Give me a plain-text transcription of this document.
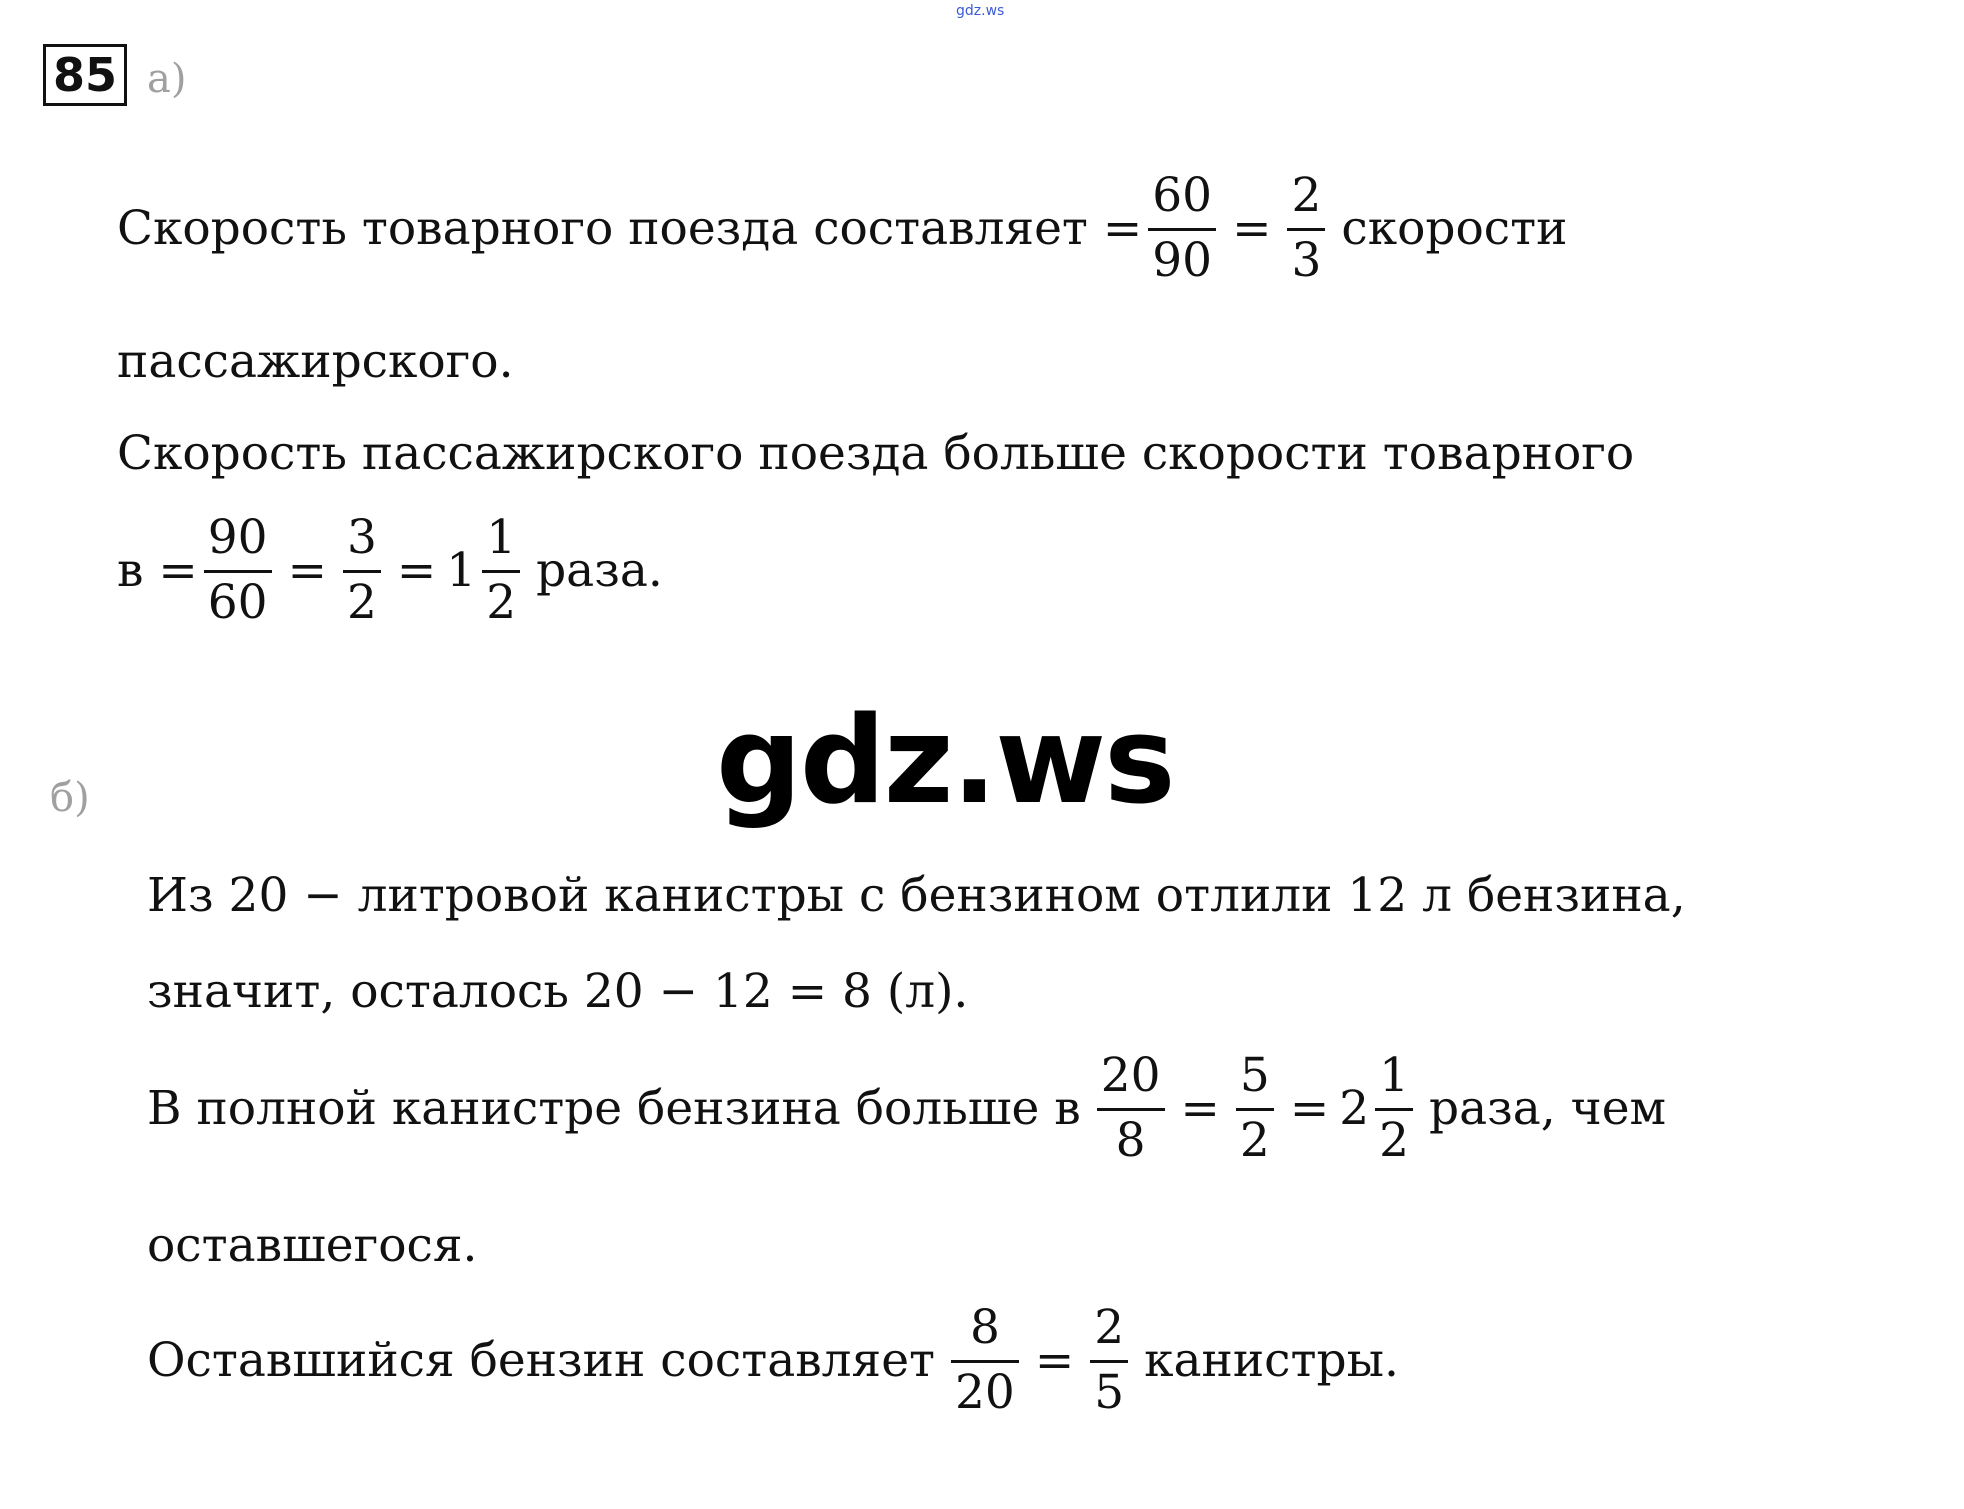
gdz.ws
85 а)
Скорость товарного поезда составляет = $\frac{60}{90} = \frac{2}{3}$ скорости
пассажирского.
Скорость пассажирского поезда больше скорости товарного
$в = \frac{90}{60} = \frac{3}{2} = 1 \frac{1}{2}$ раза.
gdz.ws
б)
Из 20 − литровой канистры с бензином отлили 12 л бензина,
значит, осталось 20 − 12 = 8 (л).
В полной канистре бензина больше в $\frac{20}{8} = \frac{5}{2} = 2 \frac{1}{2}$ раза, чем
оставшегося.
Оставшийся бензин составляет $\frac{8}{20} = \frac{2}{5}$ канистры.
